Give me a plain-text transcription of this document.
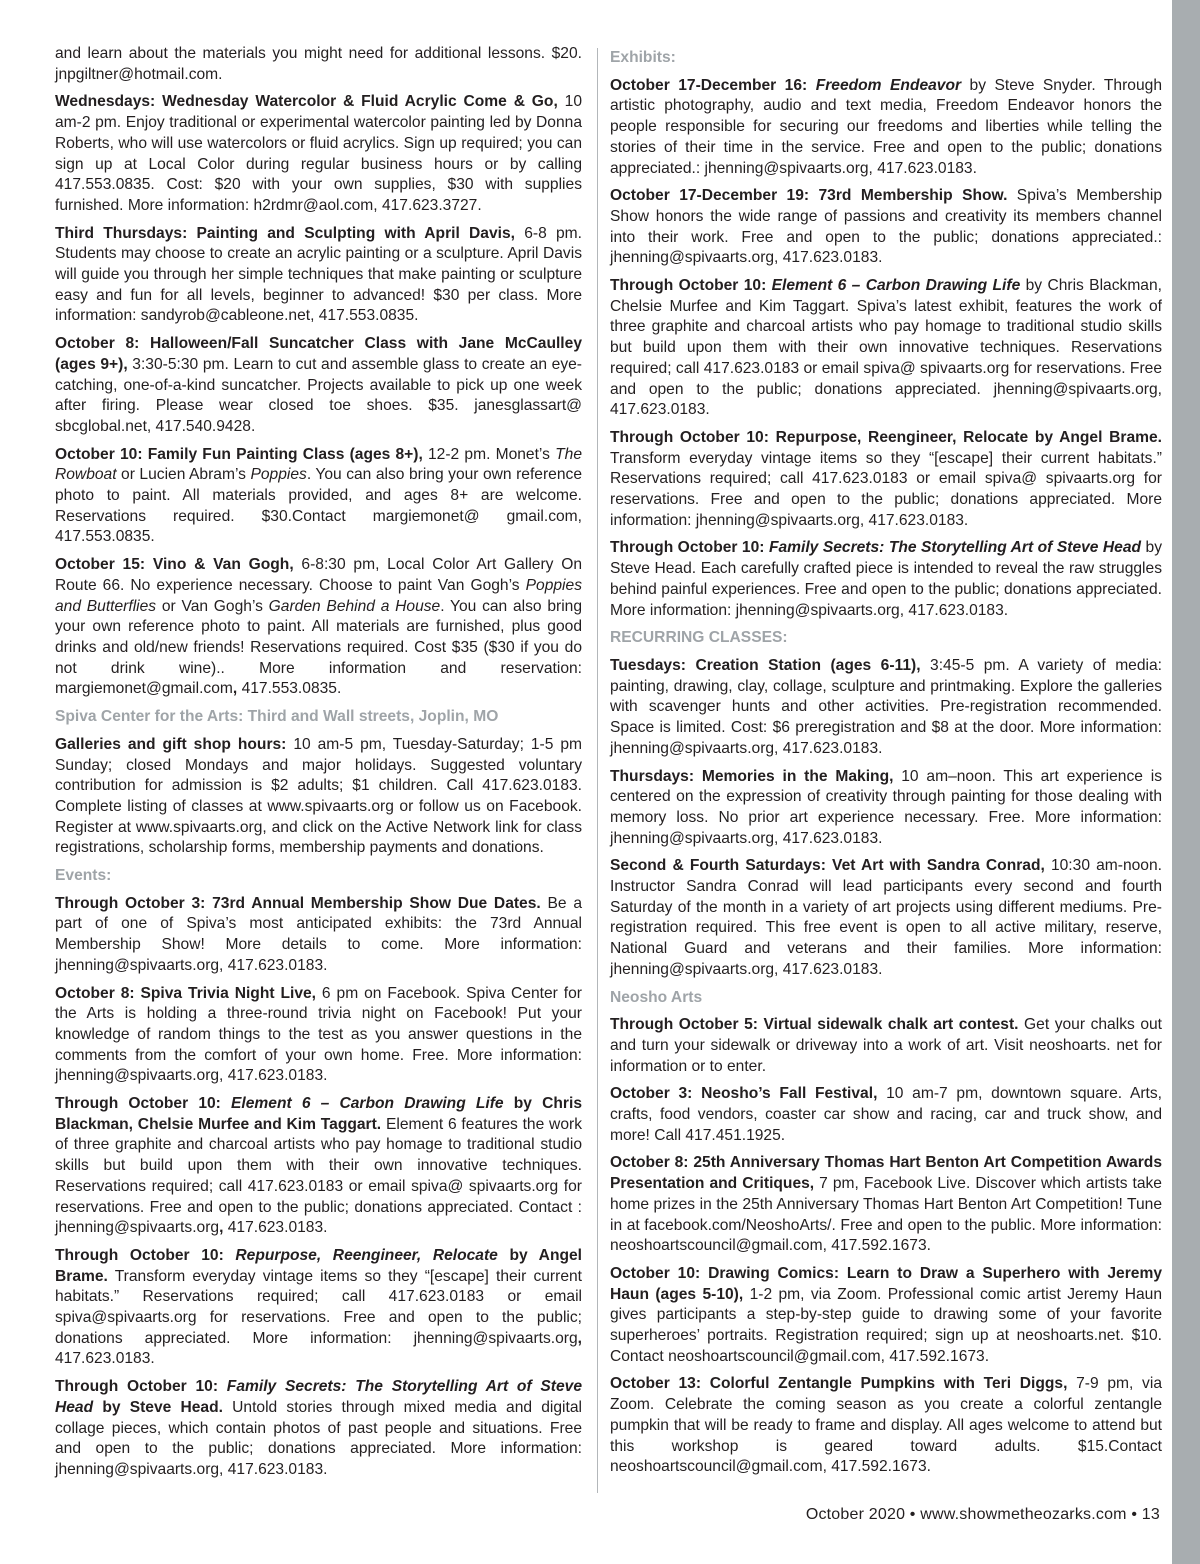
and learn about the materials you might need for additional lessons. $20. jnpgiltner@hotmail.com.

Wednesdays: Wednesday Watercolor & Fluid Acrylic Come & Go, 10 am-2 pm. Enjoy traditional or experimental watercolor painting led by Donna Roberts, who will use watercolors or fluid acrylics. Sign up required; you can sign up at Local Color during regular business hours or by calling 417.553.0835. Cost: $20 with your own supplies, $30 with supplies furnished. More information: h2rdmr@aol.com, 417.623.3727.

Third Thursdays: Painting and Sculpting with April Davis, 6-8 pm. Students may choose to create an acrylic painting or a sculpture. April Davis will guide you through her simple techniques that make painting or sculpture easy and fun for all levels, beginner to advanced! $30 per class. More information: sandyrob@cableone.net, 417.553.0835.

October 8: Halloween/Fall Suncatcher Class with Jane McCaulley (ages 9+), 3:30-5:30 pm. Learn to cut and assemble glass to create an eye-catching, one-of-a-kind suncatcher. Projects available to pick up one week after firing. Please wear closed toe shoes. $35. janesglassart@ sbcglobal.net, 417.540.9428.

October 10: Family Fun Painting Class (ages 8+), 12-2 pm. Monet’s The Rowboat or Lucien Abram’s Poppies. You can also bring your own reference photo to paint. All materials provided, and ages 8+ are welcome. Reservations required. $30.Contact margiemonet@ gmail.com, 417.553.0835.

October 15: Vino & Van Gogh, 6-8:30 pm, Local Color Art Gallery On Route 66. No experience necessary. Choose to paint Van Gogh’s Poppies and Butterflies or Van Gogh’s Garden Behind a House. You can also bring your own reference photo to paint. All materials are furnished, plus good drinks and old/new friends! Reservations required. Cost $35 ($30 if you do not drink wine).. More information and reservation: margiemonet@gmail.com, 417.553.0835.

Spiva Center for the Arts: Third and Wall streets, Joplin, MO

Galleries and gift shop hours: 10 am-5 pm, Tuesday-Saturday; 1-5 pm Sunday; closed Mondays and major holidays. Suggested voluntary contribution for admission is $2 adults; $1 children. Call 417.623.0183. Complete listing of classes at www.spivaarts.org or follow us on Facebook. Register at www.spivaarts.org, and click on the Active Network link for class registrations, scholarship forms, membership payments and donations.

Events:

Through October 3: 73rd Annual Membership Show Due Dates. Be a part of one of Spiva’s most anticipated exhibits: the 73rd Annual Membership Show! More details to come. More information: jhenning@spivaarts.org, 417.623.0183.

October 8: Spiva Trivia Night Live, 6 pm on Facebook. Spiva Center for the Arts is holding a three-round trivia night on Facebook! Put your knowledge of random things to the test as you answer questions in the comments from the comfort of your own home. Free. More information: jhenning@spivaarts.org, 417.623.0183.

Through October 10: Element 6 – Carbon Drawing Life by Chris Blackman, Chelsie Murfee and Kim Taggart. Element 6 features the work of three graphite and charcoal artists who pay homage to traditional studio skills but build upon them with their own innovative techniques. Reservations required; call 417.623.0183 or email spiva@ spivaarts.org for reservations. Free and open to the public; donations appreciated. Contact : jhenning@spivaarts.org, 417.623.0183.

Through October 10: Repurpose, Reengineer, Relocate by Angel Brame. Transform everyday vintage items so they “[escape] their current habitats.” Reservations required; call 417.623.0183 or email spiva@spivaarts.org for reservations. Free and open to the public; donations appreciated. More information: jhenning@spivaarts.org, 417.623.0183.

Through October 10: Family Secrets: The Storytelling Art of Steve Head by Steve Head. Untold stories through mixed media and digital collage pieces, which contain photos of past people and situations. Free and open to the public; donations appreciated. More information: jhenning@spivaarts.org, 417.623.0183.

Exhibits:

October 17-December 16: Freedom Endeavor by Steve Snyder. Through artistic photography, audio and text media, Freedom Endeavor honors the people responsible for securing our freedoms and liberties while telling the stories of their time in the service. Free and open to the public; donations appreciated.: jhenning@spivaarts.org, 417.623.0183.

October 17-December 19: 73rd Membership Show. Spiva’s Membership Show honors the wide range of passions and creativity its members channel into their work. Free and open to the public; donations appreciated.: jhenning@spivaarts.org, 417.623.0183.

Through October 10: Element 6 – Carbon Drawing Life by Chris Blackman, Chelsie Murfee and Kim Taggart. Spiva’s latest exhibit, features the work of three graphite and charcoal artists who pay homage to traditional studio skills but build upon them with their own innovative techniques. Reservations required; call 417.623.0183 or email spiva@ spivaarts.org for reservations. Free and open to the public; donations appreciated. jhenning@spivaarts.org, 417.623.0183.

Through October 10: Repurpose, Reengineer, Relocate by Angel Brame. Transform everyday vintage items so they “[escape] their current habitats.” Reservations required; call 417.623.0183 or email spiva@ spivaarts.org for reservations. Free and open to the public; donations appreciated. More information: jhenning@spivaarts.org, 417.623.0183.

Through October 10: Family Secrets: The Storytelling Art of Steve Head by Steve Head. Each carefully crafted piece is intended to reveal the raw struggles behind painful experiences. Free and open to the public; donations appreciated. More information: jhenning@spivaarts.org, 417.623.0183.

RECURRING CLASSES:

Tuesdays: Creation Station (ages 6-11), 3:45-5 pm. A variety of media: painting, drawing, clay, collage, sculpture and printmaking. Explore the galleries with scavenger hunts and other activities. Pre-registration recommended. Space is limited. Cost: $6 preregistration and $8 at the door. More information: jhenning@spivaarts.org, 417.623.0183.

Thursdays: Memories in the Making, 10 am–noon. This art experience is centered on the expression of creativity through painting for those dealing with memory loss. No prior art experience necessary. Free. More information: jhenning@spivaarts.org, 417.623.0183.

Second & Fourth Saturdays: Vet Art with Sandra Conrad, 10:30 am-noon. Instructor Sandra Conrad will lead participants every second and fourth Saturday of the month in a variety of art projects using different mediums. Pre-registration required. This free event is open to all active military, reserve, National Guard and veterans and their families. More information: jhenning@spivaarts.org, 417.623.0183.

Neosho Arts

Through October 5: Virtual sidewalk chalk art contest. Get your chalks out and turn your sidewalk or driveway into a work of art. Visit neoshoarts. net for information or to enter.

October 3: Neosho’s Fall Festival, 10 am-7 pm, downtown square. Arts, crafts, food vendors, coaster car show and racing, car and truck show, and more! Call 417.451.1925.

October 8: 25th Anniversary Thomas Hart Benton Art Competition Awards Presentation and Critiques, 7 pm, Facebook Live. Discover which artists take home prizes in the 25th Anniversary Thomas Hart Benton Art Competition! Tune in at facebook.com/NeoshoArts/. Free and open to the public. More information: neoshoartscouncil@gmail.com, 417.592.1673.

October 10: Drawing Comics: Learn to Draw a Superhero with Jeremy Haun (ages 5-10), 1-2 pm, via Zoom. Professional comic artist Jeremy Haun gives participants a step-by-step guide to drawing some of your favorite superheroes’ portraits. Registration required; sign up at neoshoarts.net. $10. Contact neoshoartscouncil@gmail.com, 417.592.1673.

October 13: Colorful Zentangle Pumpkins with Teri Diggs, 7-9 pm, via Zoom. Celebrate the coming season as you create a colorful zentangle pumpkin that will be ready to frame and display. All ages welcome to attend but this workshop is geared toward adults. $15.Contact neoshoartscouncil@gmail.com, 417.592.1673.

October 2020 • www.showmetheozarks.com • 13
